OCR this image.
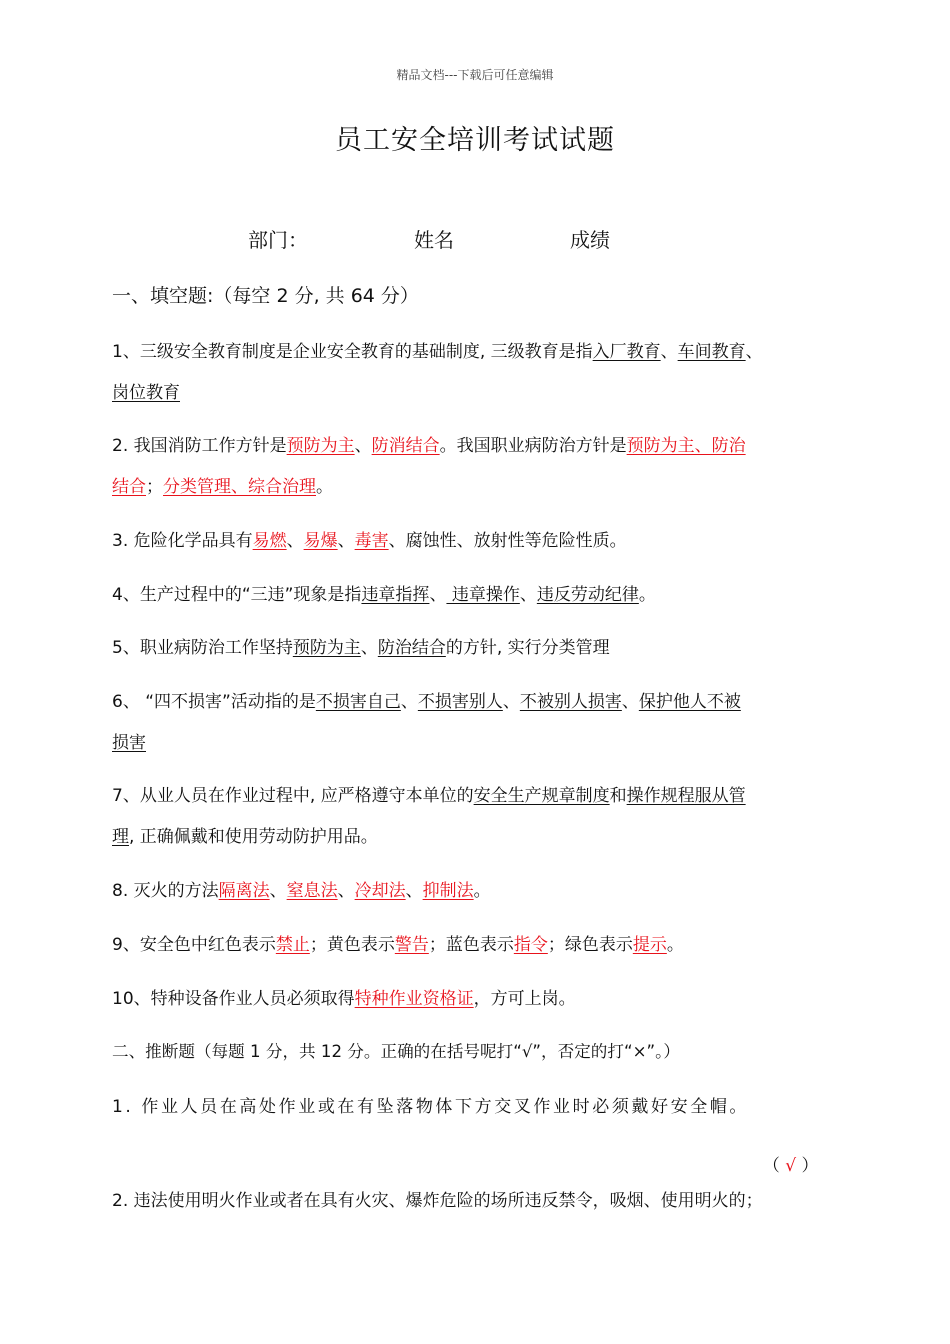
精品文档---下载后可任意编辑
员工安全培训考试试题
部门：	姓名	成绩
一、填空题:（每空 2 分, 共 64 分）
1、三级安全教育制度是企业安全教育的基础制度, 三级教育是指入厂教育、车间教育、
岗位教育
2. 我国消防工作方针是预防为主、防消结合。我国职业病防治方针是预防为主、防治
结合；分类管理、综合治理。
3. 危险化学品具有易燃、易爆、毒害、腐蚀性、放射性等危险性质。
4、生产过程中的“三违”现象是指违章指挥、 违章操作、违反劳动纪律。
5、职业病防治工作坚持预防为主、防治结合的方针, 实行分类管理
6、 “四不损害”活动指的是不损害自己、不损害别人、不被别人损害、保护他人不被
损害
7、从业人员在作业过程中, 应严格遵守本单位的安全生产规章制度和操作规程服从管
理, 正确佩戴和使用劳动防护用品。
8. 灭火的方法隔离法、窒息法、冷却法、抑制法。
9、安全色中红色表示禁止；黄色表示警告；蓝色表示指令；绿色表示提示。
10、特种设备作业人员必须取得特种作业资格证，方可上岗。
二、推断题（每题 1 分，共 12 分。正确的在括号呢打“√”，否定的打“×”。）
1. 作业人员在高处作业或在有坠落物体下方交叉作业时必须戴好安全帽。

（ √ ）

2. 违法使用明火作业或者在具有火灾、爆炸危险的场所违反禁令，吸烟、使用明火的；
